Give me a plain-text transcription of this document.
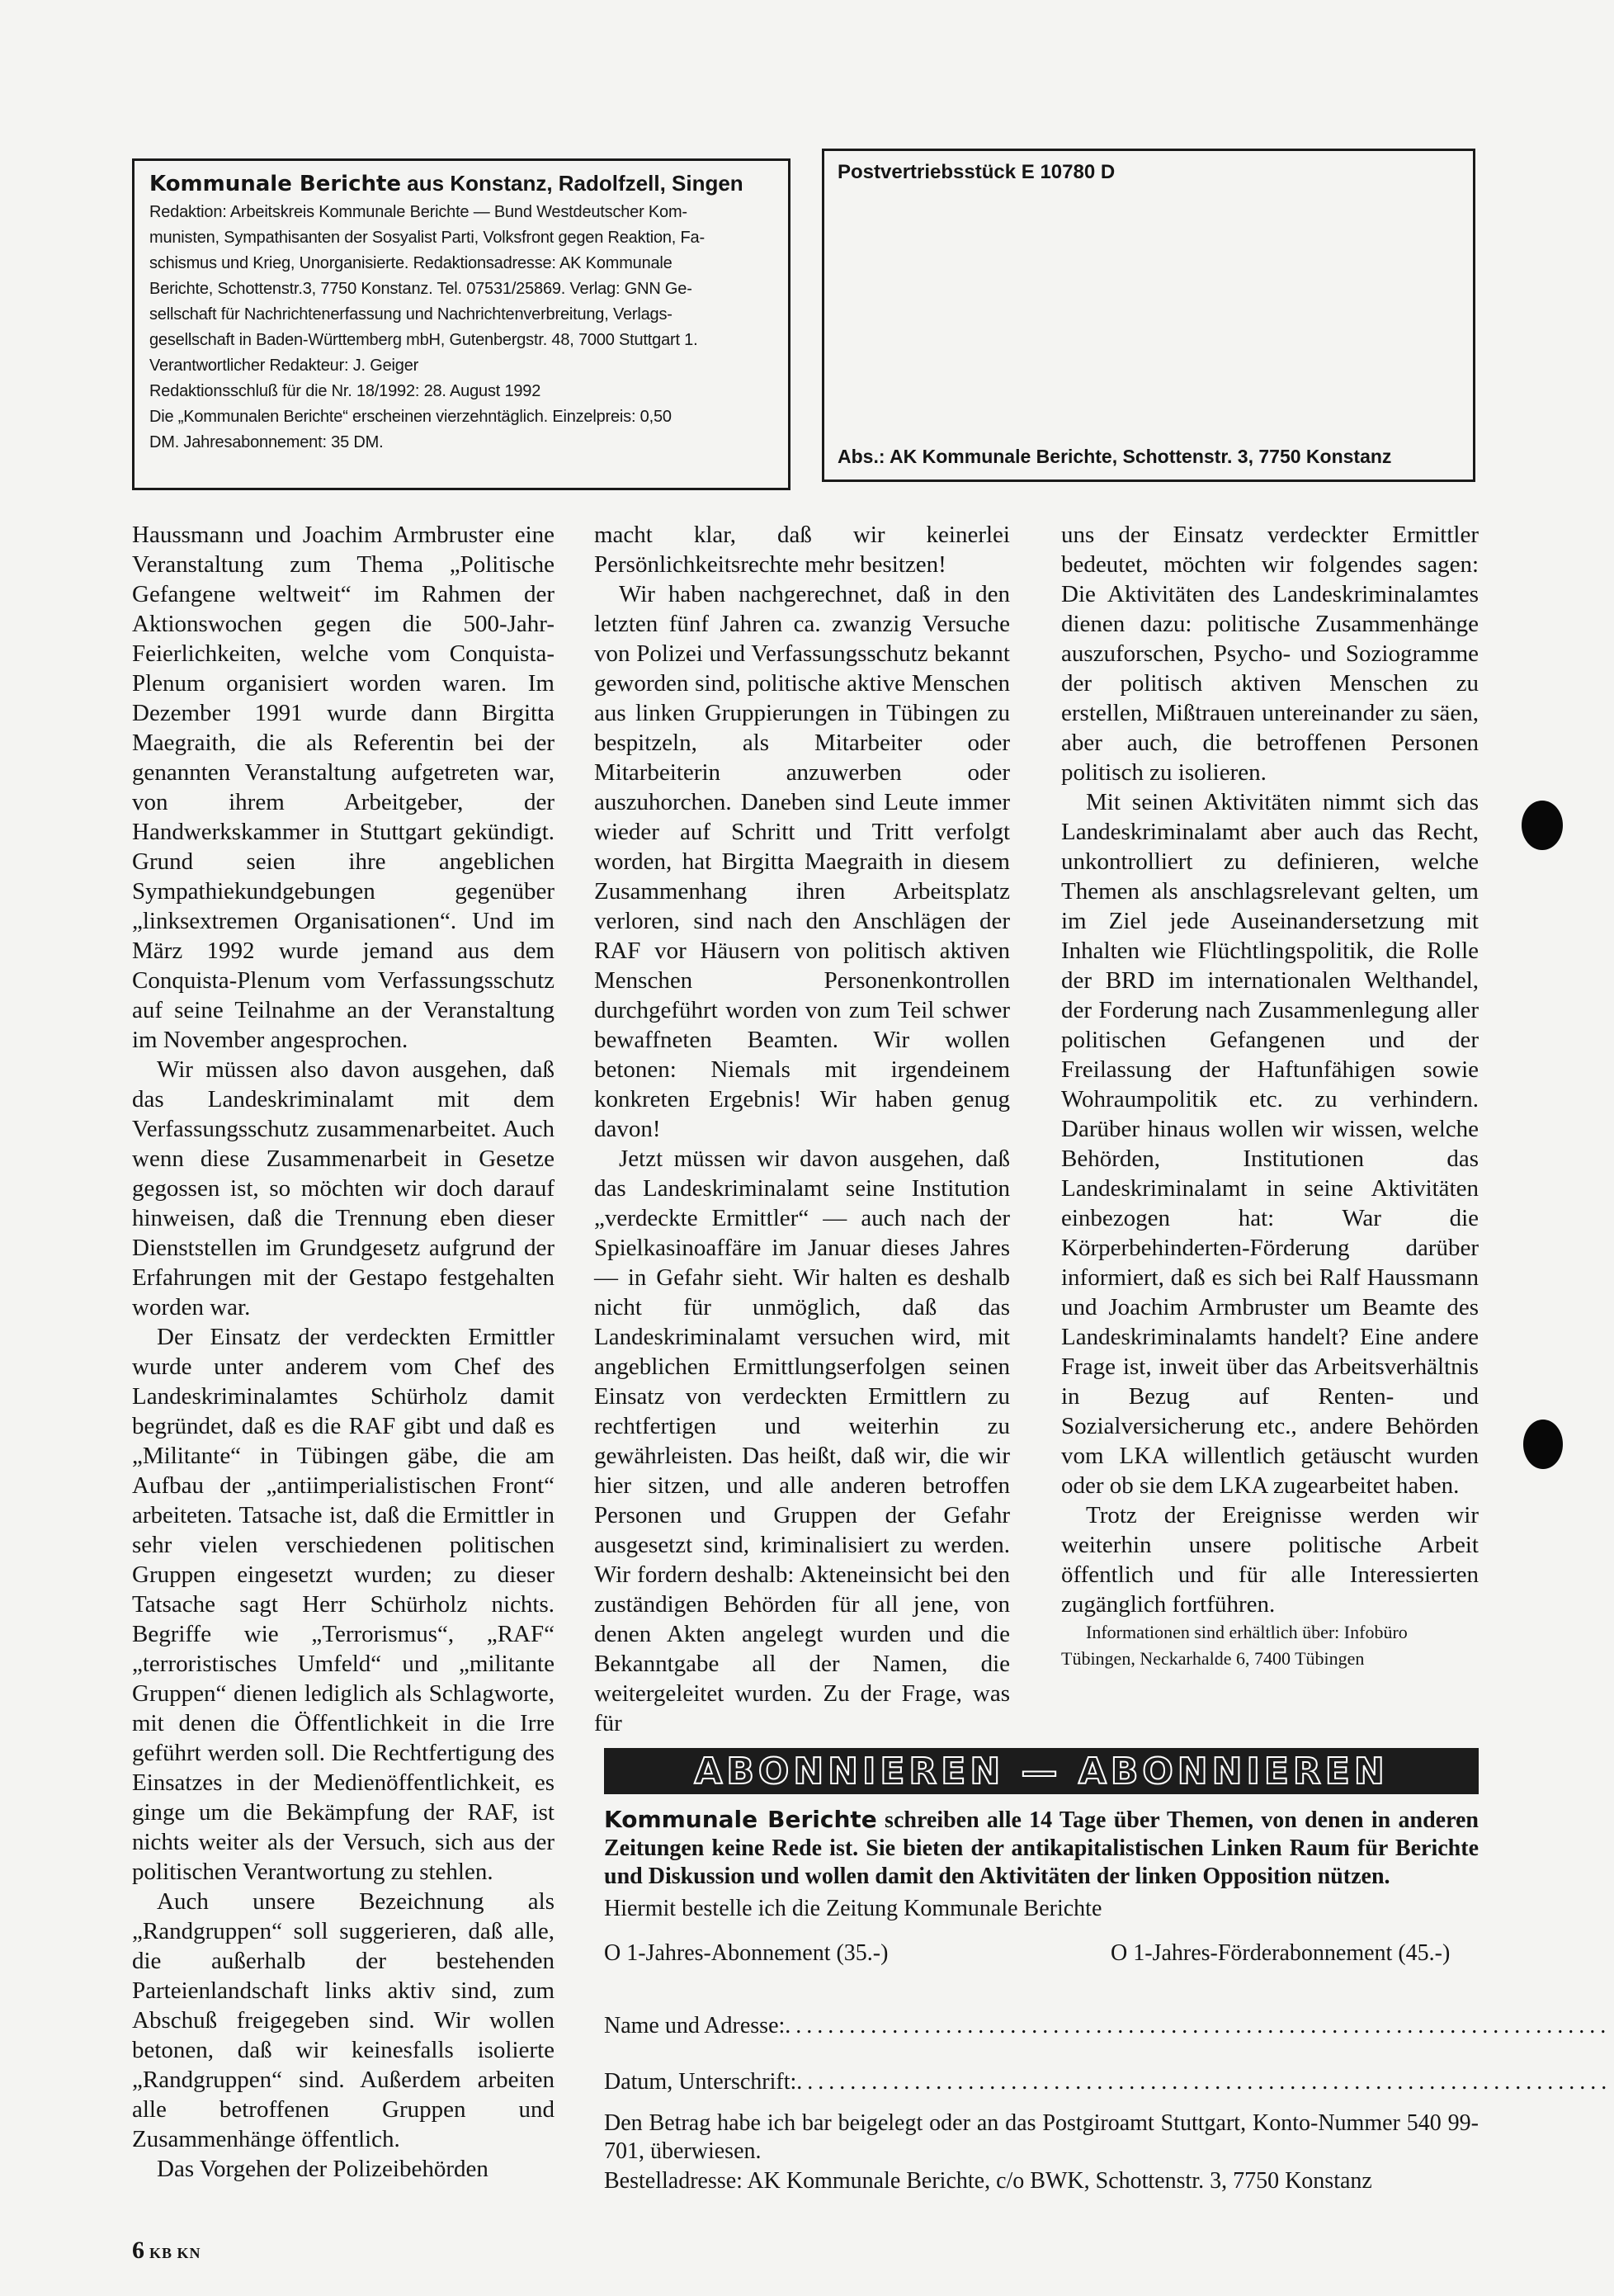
Kommunale Berichte aus Konstanz, Radolfzell, Singen

Redaktion: Arbeitskreis Kommunale Berichte — Bund Westdeutscher Kom-

munisten, Sympathisanten der Sosyalist Parti, Volksfront gegen Reaktion, Fa-

schismus und Krieg, Unorganisierte. Redaktionsadresse: AK Kommunale

Berichte, Schottenstr.3, 7750 Konstanz. Tel. 07531/25869. Verlag: GNN Ge-

sellschaft für Nachrichtenerfassung und Nachrichtenverbreitung, Verlags-

gesellschaft in Baden-Württemberg mbH, Gutenbergstr. 48, 7000 Stuttgart 1.

Verantwortlicher Redakteur: J. Geiger

Redaktionsschluß für die Nr. 18/1992: 28. August 1992

Die „Kommunalen Berichte“ erscheinen vierzehntäglich. Einzelpreis: 0,50

DM. Jahresabonnement: 35 DM.

Postvertriebsstück E 10780 D
Abs.: AK Kommunale Berichte, Schottenstr. 3, 7750 Konstanz

Haussmann und Joachim Armbruster eine Veranstaltung zum Thema „Politische Gefangene weltweit“ im Rahmen der Aktionswochen gegen die 500-Jahr-Feierlichkeiten, welche vom Conquista-Plenum organisiert worden waren. Im Dezember 1991 wurde dann Birgitta Maegraith, die als Referentin bei der genannten Veranstaltung aufgetreten war, von ihrem Arbeitgeber, der Handwerkskammer in Stuttgart gekündigt. Grund seien ihre angeblichen Sympathiekundgebungen gegenüber „linksextremen Organisationen“. Und im März 1992 wurde jemand aus dem Conquista-Plenum vom Verfassungsschutz auf seine Teilnahme an der Veranstaltung im November angesprochen.

Wir müssen also davon ausgehen, daß das Landeskriminalamt mit dem Verfassungsschutz zusammenarbeitet. Auch wenn diese Zusammenarbeit in Gesetze gegossen ist, so möchten wir doch darauf hinweisen, daß die Trennung eben dieser Dienststellen im Grundgesetz aufgrund der Erfahrungen mit der Gestapo festgehalten worden war.

Der Einsatz der verdeckten Ermittler wurde unter anderem vom Chef des Landeskriminalamtes Schürholz damit begründet, daß es die RAF gibt und daß es „Militante“ in Tübingen gäbe, die am Aufbau der „antiimperialistischen Front“ arbeiteten. Tatsache ist, daß die Ermittler in sehr vielen verschiedenen politischen Gruppen eingesetzt wurden; zu dieser Tatsache sagt Herr Schürholz nichts. Begriffe wie „Terrorismus“, „RAF“ „terroristisches Umfeld“ und „militante Gruppen“ dienen lediglich als Schlagworte, mit denen die Öffentlichkeit in die Irre geführt werden soll. Die Rechtfertigung des Einsatzes in der Medienöffentlichkeit, es ginge um die Bekämpfung der RAF, ist nichts weiter als der Versuch, sich aus der politischen Verantwortung zu stehlen.

Auch unsere Bezeichnung als „Randgruppen“ soll suggerieren, daß alle, die außerhalb der bestehenden Parteienlandschaft links aktiv sind, zum Abschuß freigegeben sind. Wir wollen betonen, daß wir keinesfalls isolierte „Randgruppen“ sind. Außerdem arbeiten alle betroffenen Gruppen und Zusammenhänge öffentlich.

Das Vorgehen der Polizeibehörden

macht klar, daß wir keinerlei Persönlichkeitsrechte mehr besitzen!

Wir haben nachgerechnet, daß in den letzten fünf Jahren ca. zwanzig Versuche von Polizei und Verfassungsschutz bekannt geworden sind, politische aktive Menschen aus linken Gruppierungen in Tübingen zu bespitzeln, als Mitarbeiter oder Mitarbeiterin anzuwerben oder auszuhorchen. Daneben sind Leute immer wieder auf Schritt und Tritt verfolgt worden, hat Birgitta Maegraith in diesem Zusammenhang ihren Arbeitsplatz verloren, sind nach den Anschlägen der RAF vor Häusern von politisch aktiven Menschen Personenkontrollen durchgeführt worden von zum Teil schwer bewaffneten Beamten. Wir wollen betonen: Niemals mit irgendeinem konkreten Ergebnis! Wir haben genug davon!

Jetzt müssen wir davon ausgehen, daß das Landeskriminalamt seine Institution „verdeckte Ermittler“ — auch nach der Spielkasinoaffäre im Januar dieses Jahres — in Gefahr sieht. Wir halten es deshalb nicht für unmöglich, daß das Landeskriminalamt versuchen wird, mit angeblichen Ermittlungserfolgen seinen Einsatz von verdeckten Ermittlern zu rechtfertigen und weiterhin zu gewährleisten. Das heißt, daß wir, die wir hier sitzen, und alle anderen betroffen Personen und Gruppen der Gefahr ausgesetzt sind, kriminalisiert zu werden. Wir fordern deshalb: Akteneinsicht bei den zuständigen Behörden für all jene, von denen Akten angelegt wurden und die Bekanntgabe all der Namen, die weitergeleitet wurden. Zu der Frage, was für

uns der Einsatz verdeckter Ermittler bedeutet, möchten wir folgendes sagen: Die Aktivitäten des Landeskriminalamtes dienen dazu: politische Zusammenhänge auszuforschen, Psycho- und Soziogramme der politisch aktiven Menschen zu erstellen, Mißtrauen untereinander zu säen, aber auch, die betroffenen Personen politisch zu isolieren.

Mit seinen Aktivitäten nimmt sich das Landeskriminalamt aber auch das Recht, unkontrolliert zu definieren, welche Themen als anschlagsrelevant gelten, um im Ziel jede Auseinandersetzung mit Inhalten wie Flüchtlingspolitik, die Rolle der BRD im internationalen Welthandel, der Forderung nach Zusammenlegung aller politischen Gefangenen und der Freilassung der Haftunfähigen sowie Wohraumpolitik etc. zu verhindern. Darüber hinaus wollen wir wissen, welche Behörden, Institutionen das Landeskriminalamt in seine Aktivitäten einbezogen hat: War die Körperbehinderten-Förderung darüber informiert, daß es sich bei Ralf Haussmann und Joachim Armbruster um Beamte des Landeskriminalamts handelt? Eine andere Frage ist, inweit über das Arbeitsverhältnis in Bezug auf Renten- und Sozialversicherung etc., andere Behörden vom LKA willentlich getäuscht wurden oder ob sie dem LKA zugearbeitet haben.

Trotz der Ereignisse werden wir weiterhin unsere politische Arbeit öffentlich und für alle Interessierten zugänglich fortführen.

Informationen sind erhältlich über: Infobüro Tübingen, Neckarhalde 6, 7400 Tübingen

ABONNIEREN — ABONNIEREN

Kommunale Berichte schreiben alle 14 Tage über Themen, von denen in anderen Zeitungen keine Rede ist. Sie bieten der antikapitalistischen Linken Raum für Berichte und Diskussion und wollen damit den Aktivitäten der linken Opposition nützen.

Hiermit bestelle ich die Zeitung Kommunale Berichte
O 1-Jahres-Abonnement (35.-)	O 1-Jahres-Förderabonnement (45.-)
Name und Adresse:.............................................................................
Datum, Unterschrift:............................................................................
Den Betrag habe ich bar beigelegt oder an das Postgiroamt Stuttgart, Konto-Nummer 540 99-701, überwiesen.
Bestelladresse: AK Kommunale Berichte, c/o BWK, Schottenstr. 3, 7750 Konstanz
6 KB KN
